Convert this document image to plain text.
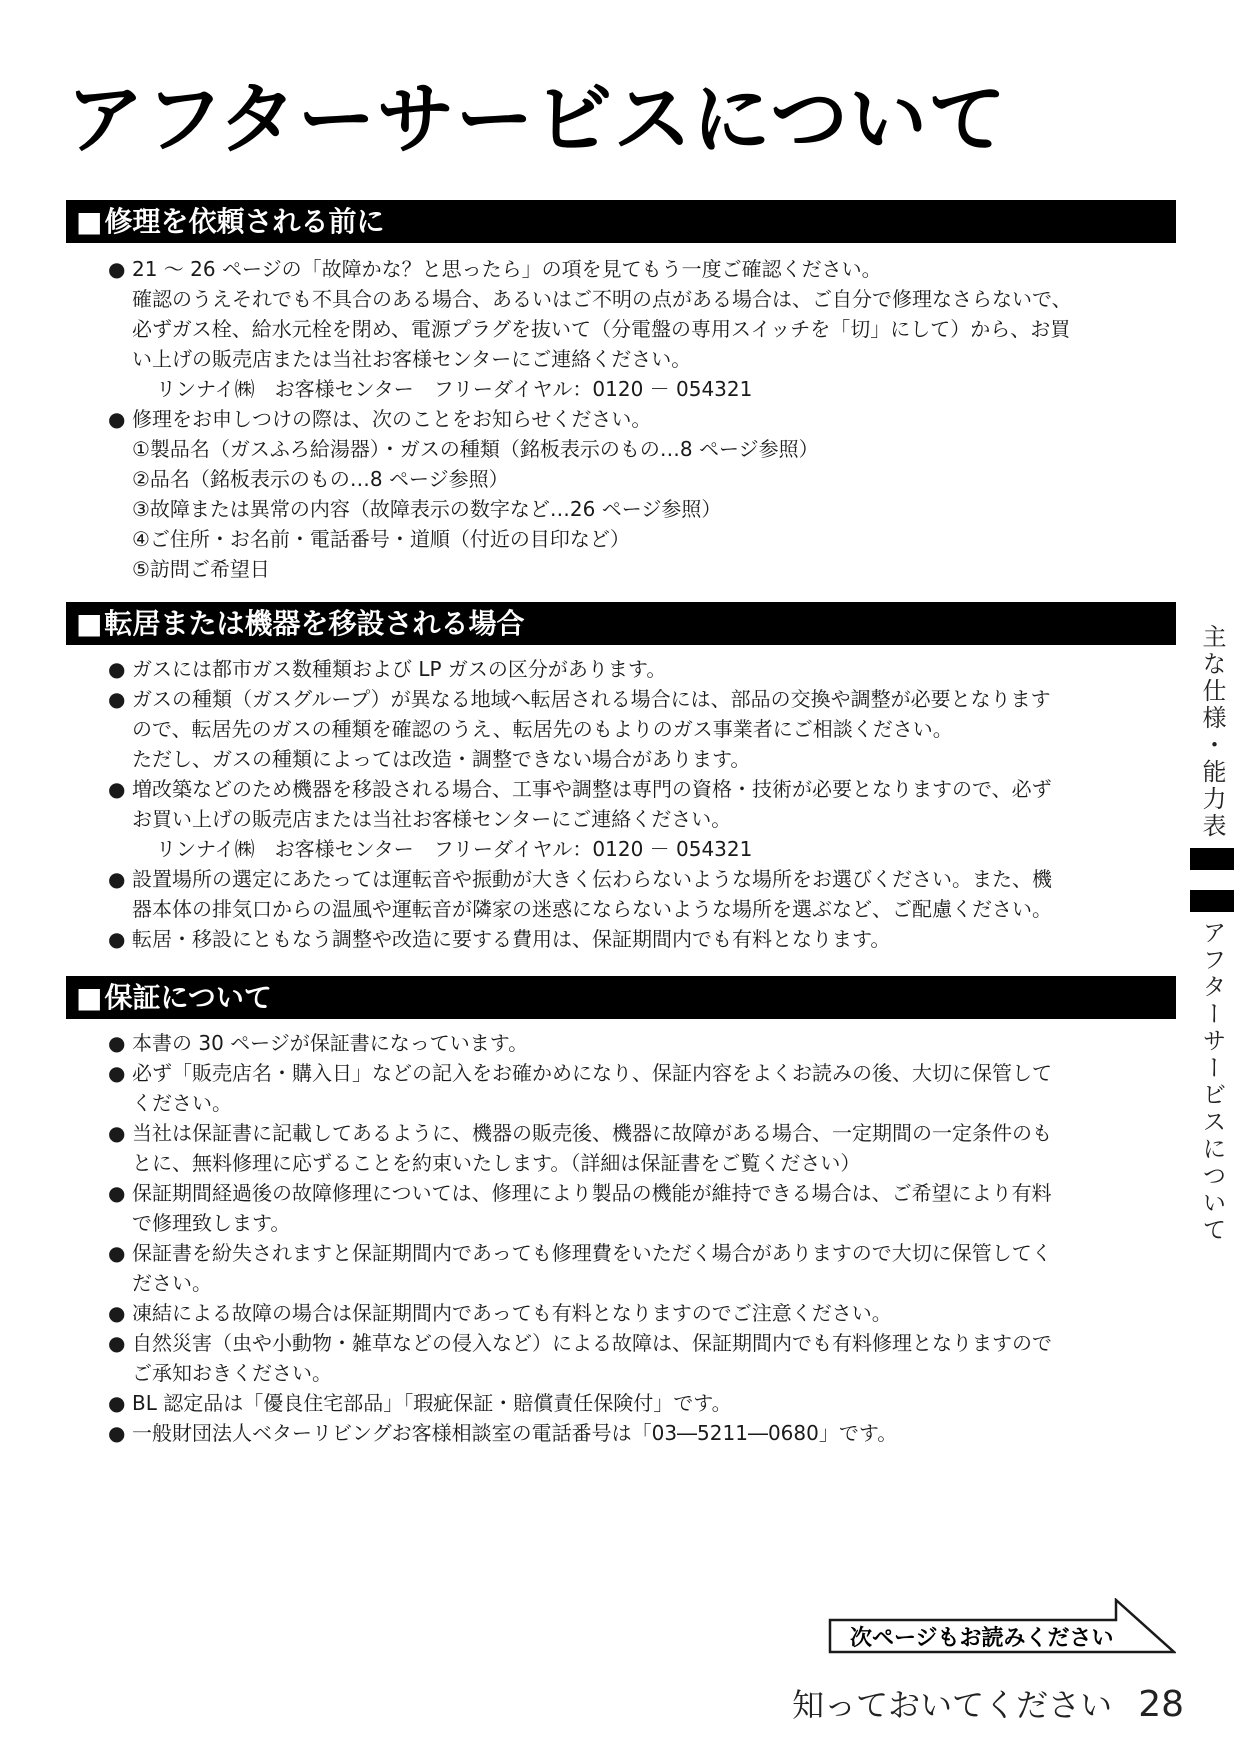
アフターサービスについて
■修理を依頼される前に
● 21 ～ 26 ページの「故障かな？と思ったら」の項を見てもう一度ご確認ください。
確認のうえそれでも不具合のある場合、あるいはご不明の点がある場合は、ご自分で修理なさらないで、
必ずガス栓、給水元栓を閉め、電源プラグを抜いて（分電盤の専用スイッチを「切」にして）から、お買
い上げの販売店または当社お客様センターにご連絡ください。
リンナイ㈱　お客様センター　フリーダイヤル：0120 － 054321
● 修理をお申しつけの際は、次のことをお知らせください。
①製品名（ガスふろ給湯器）・ガスの種類（銘板表示のもの…8 ページ参照）
②品名（銘板表示のもの…8 ページ参照）
③故障または異常の内容（故障表示の数字など…26 ページ参照）
④ご住所・お名前・電話番号・道順（付近の目印など）
⑤訪問ご希望日
■転居または機器を移設される場合
● ガスには都市ガス数種類および LP ガスの区分があります。
● ガスの種類（ガスグループ）が異なる地域へ転居される場合には、部品の交換や調整が必要となります
ので、転居先のガスの種類を確認のうえ、転居先のもよりのガス事業者にご相談ください。
ただし、ガスの種類によっては改造・調整できない場合があります。
● 増改築などのため機器を移設される場合、工事や調整は専門の資格・技術が必要となりますので、必ず
お買い上げの販売店または当社お客様センターにご連絡ください。
リンナイ㈱　お客様センター　フリーダイヤル：0120 － 054321
● 設置場所の選定にあたっては運転音や振動が大きく伝わらないような場所をお選びください。また、機
器本体の排気口からの温風や運転音が隣家の迷惑にならないような場所を選ぶなど、ご配慮ください。
● 転居・移設にともなう調整や改造に要する費用は、保証期間内でも有料となります。
■保証について
● 本書の 30 ページが保証書になっています。
● 必ず「販売店名・購入日」などの記入をお確かめになり、保証内容をよくお読みの後、大切に保管して
ください。
● 当社は保証書に記載してあるように、機器の販売後、機器に故障がある場合、一定期間の一定条件のも
とに、無料修理に応ずることを約束いたします。（詳細は保証書をご覧ください）
● 保証期間経過後の故障修理については、修理により製品の機能が維持できる場合は、ご希望により有料
で修理致します。
● 保証書を紛失されますと保証期間内であっても修理費をいただく場合がありますので大切に保管してく
ださい。
● 凍結による故障の場合は保証期間内であっても有料となりますのでご注意ください。
● 自然災害（虫や小動物・雑草などの侵入など）による故障は、保証期間内でも有料修理となりますので
ご承知おきください。
● BL 認定品は「優良住宅部品」「瑕疵保証・賠償責任保険付」です。
● 一般財団法人ベターリビングお客様相談室の電話番号は「03―5211―0680」です。
主な仕様・能力表
アフターサービスについて
次ページもお読みください
知っておいてください 28
